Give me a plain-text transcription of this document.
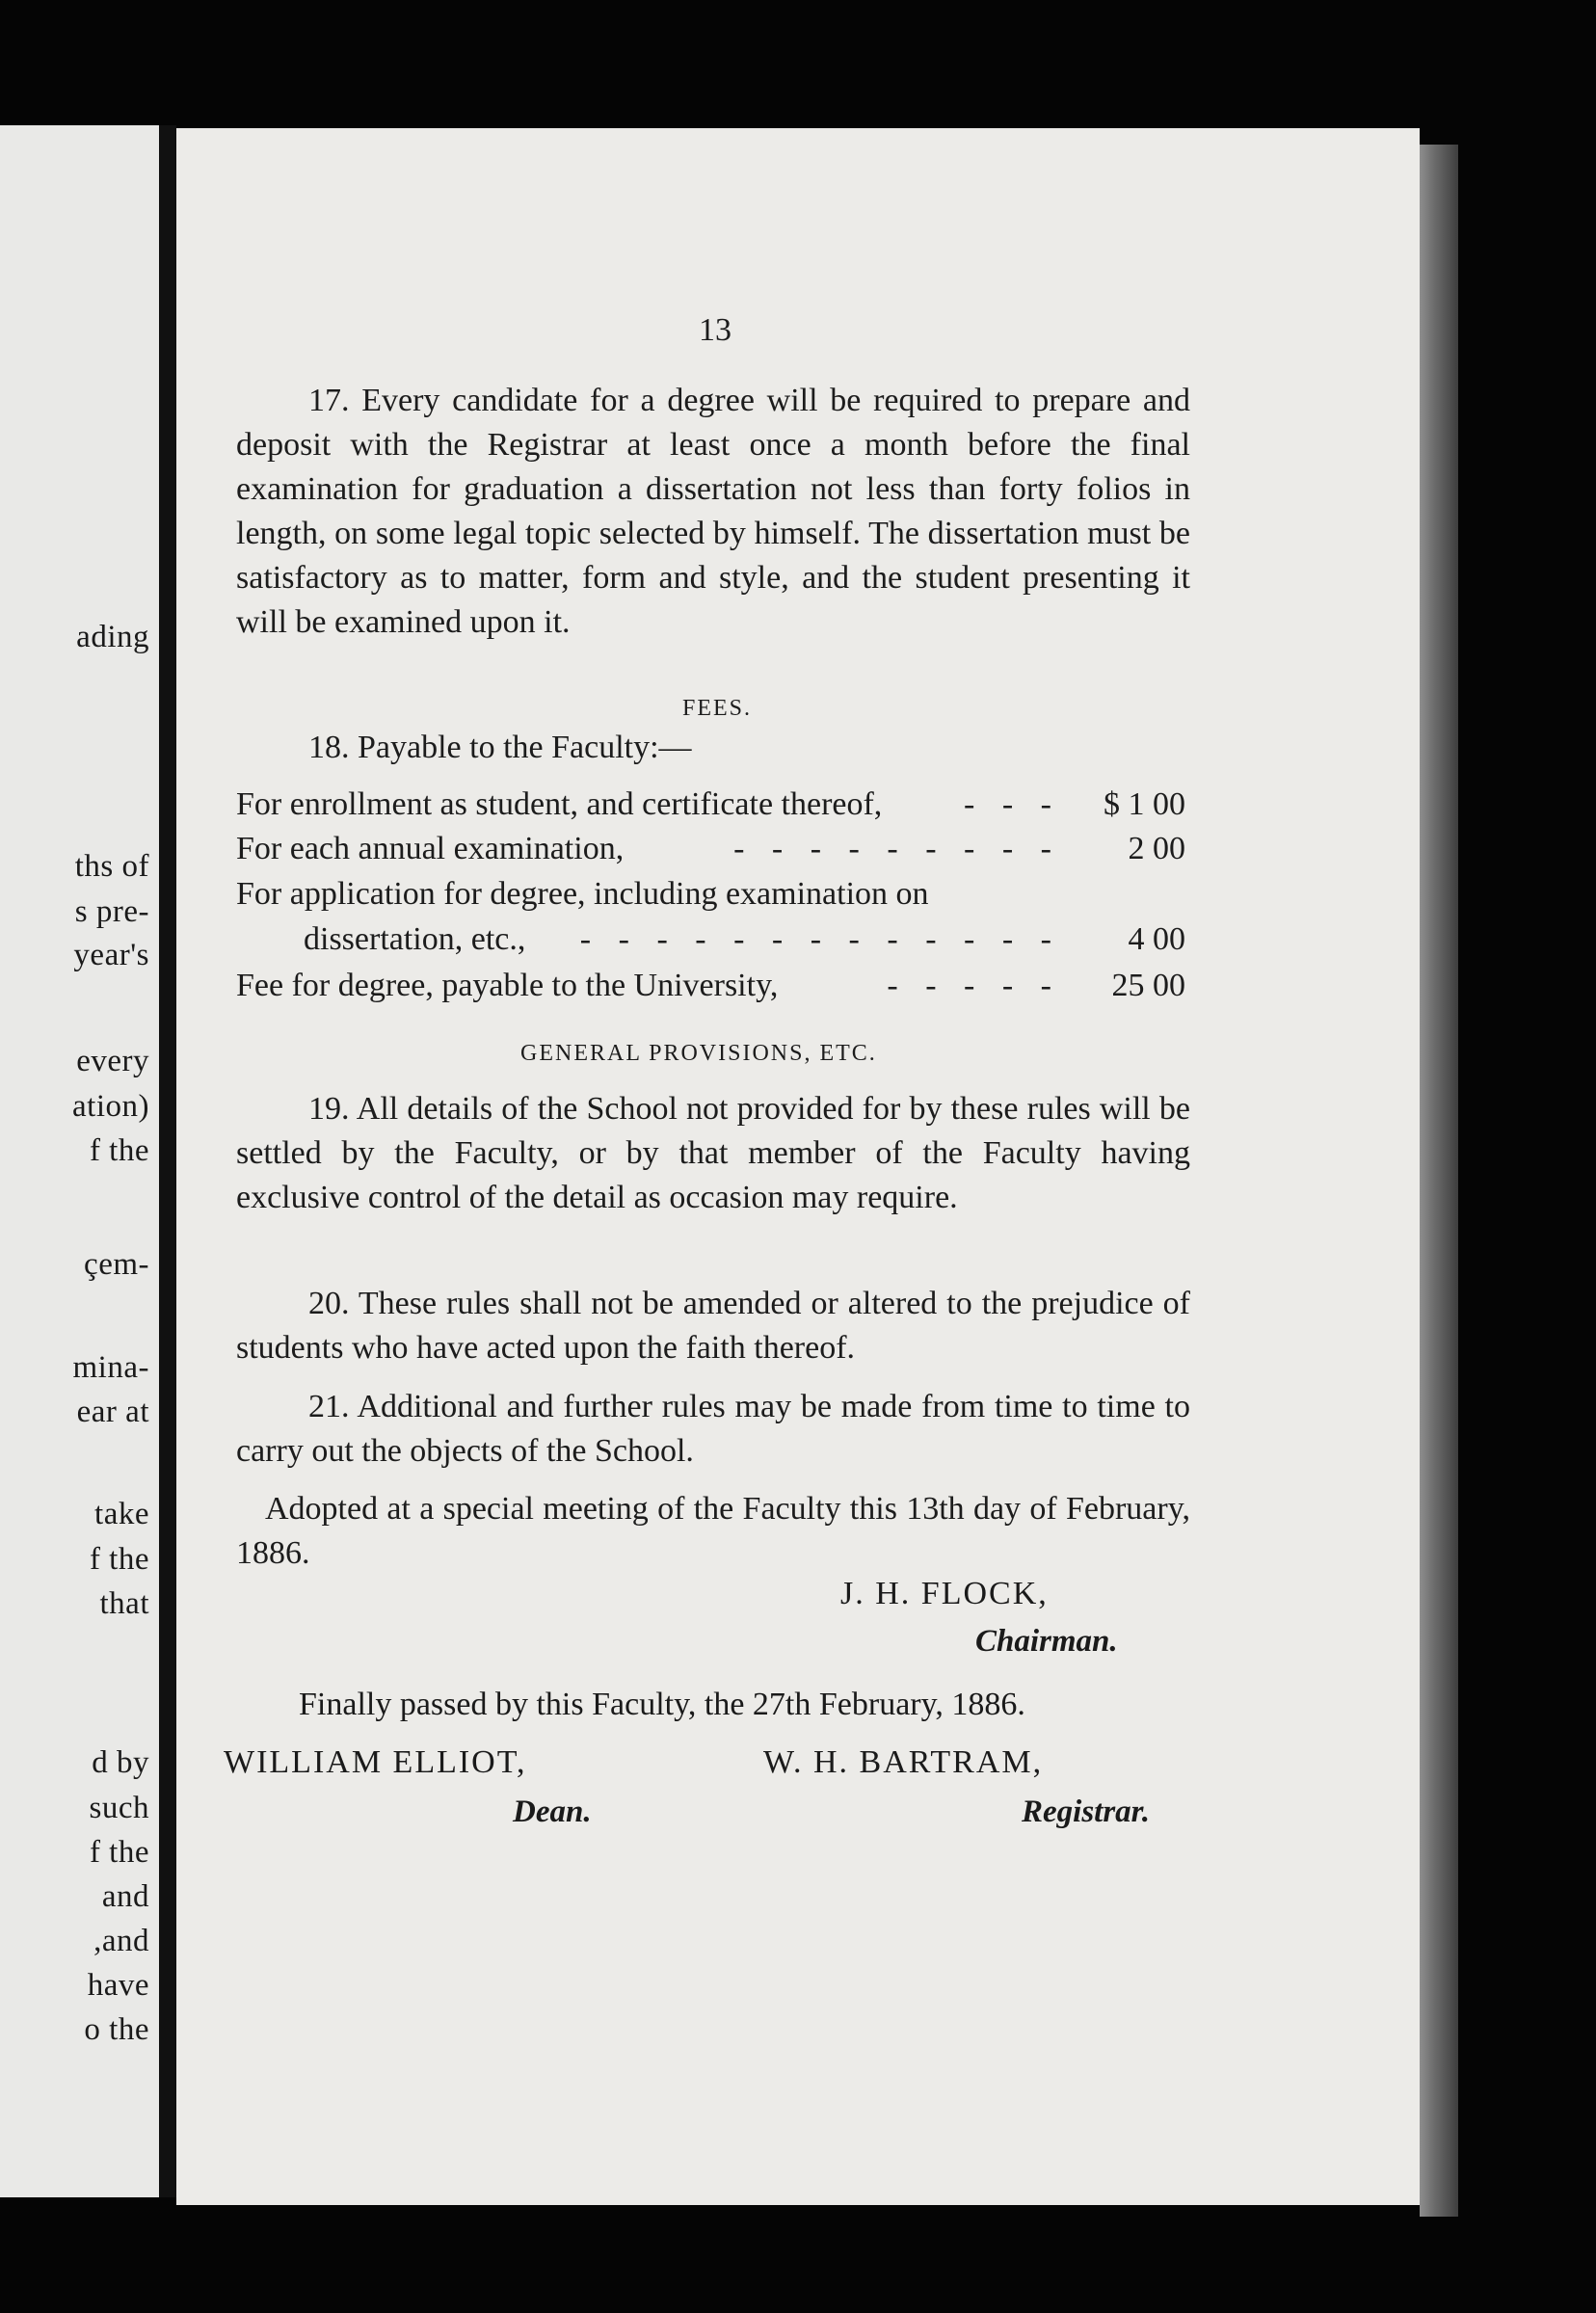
ading
ths of
s pre-
year's
every
ation)
f the
çem-
mina-
ear at
take
f the
that
d by
such
f the
and
,and
have
o the
13

17. Every candidate for a degree will be required to prepare and deposit with the Registrar at least once a month before the final examination for graduation a dissertation not less than forty folios in length, on some legal topic selected by himself. The dissertation must be satisfactory as to matter, form and style, and the student presenting it will be examined upon it.

FEES.

18. Payable to the Faculty:—

For enrollment as student, and certificate thereof,	- - -	$ 1 00
For each annual examination,	- - - - - - - - -	2 00
For application for degree, including examination on
dissertation, etc.,	- - - - - - - - - - - - -	4 00
Fee for degree, payable to the University,	- - - - -	25 00
GENERAL PROVISIONS, ETC.

19. All details of the School not provided for by these rules will be settled by the Faculty, or by that member of the Faculty having exclusive control of the detail as occasion may require.

20. These rules shall not be amended or altered to the prejudice of students who have acted upon the faith thereof.

21. Additional and further rules may be made from time to time to carry out the objects of the School.

Adopted at a special meeting of the Faculty this 13th day of February, 1886.

J. H. FLOCK,
Chairman.
Finally passed by this Faculty, the 27th February, 1886.
WILLIAM ELLIOT,
Dean.
W. H. BARTRAM,
Registrar.
